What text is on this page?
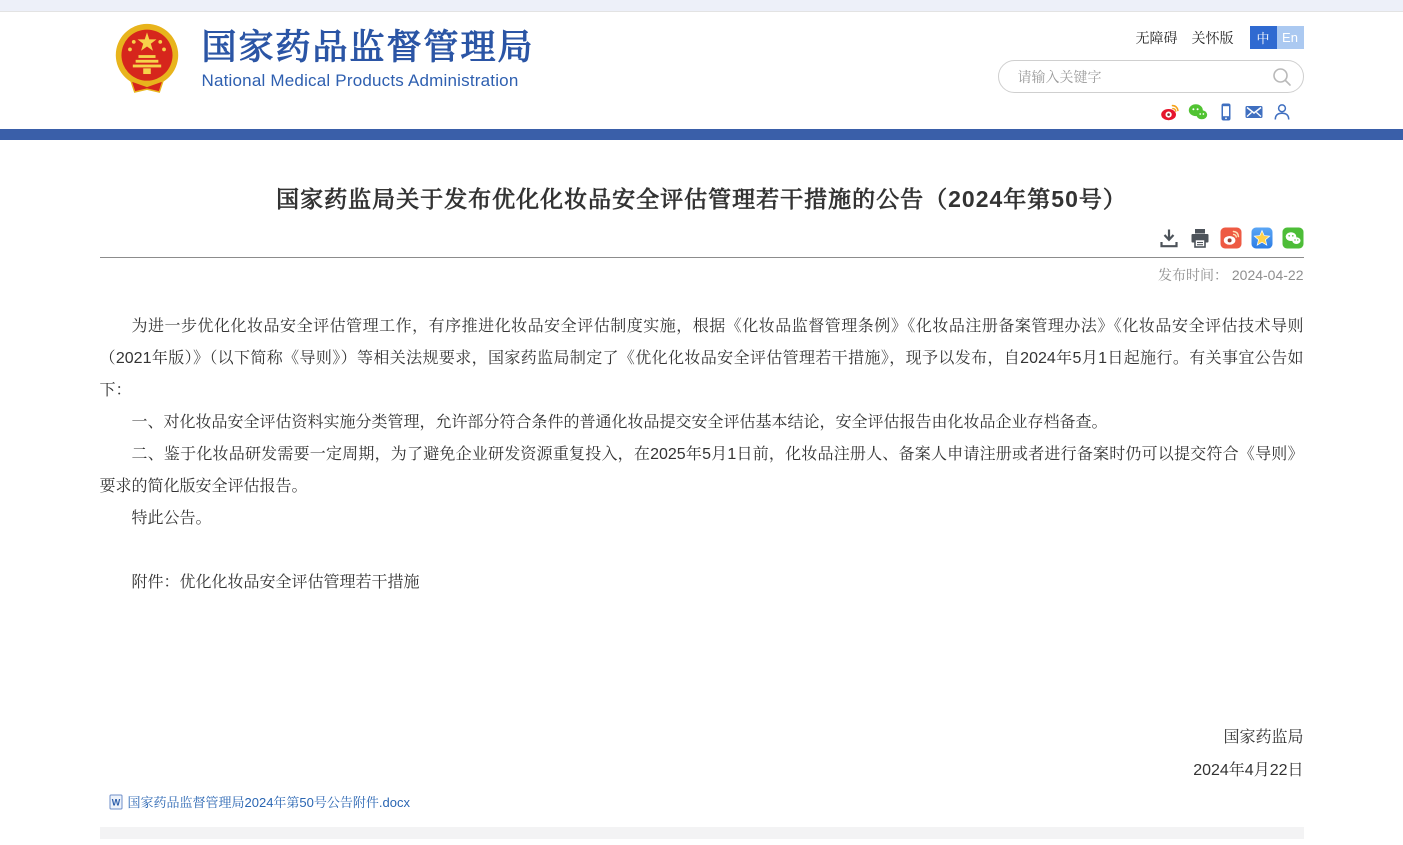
国家药品监督管理局
National Medical Products Administration
无障碍 关怀版	中 En
请输入关键字
国家药监局关于发布优化化妆品安全评估管理若干措施的公告（2024年第50号）
发布时间： 2024-04-22

为进一步优化化妆品安全评估管理工作，有序推进化妆品安全评估制度实施，根据《化妆品监督管理条例》《化妆品注册备案管理办法》《化妆品安全评估技术导则（2021年版）》（以下简称《导则》）等相关法规要求，国家药监局制定了《优化化妆品安全评估管理若干措施》，现予以发布，自2024年5月1日起施行。有关事宜公告如下：

一、对化妆品安全评估资料实施分类管理，允许部分符合条件的普通化妆品提交安全评估基本结论，安全评估报告由化妆品企业存档备查。

二、鉴于化妆品研发需要一定周期，为了避免企业研发资源重复投入，在2025年5月1日前，化妆品注册人、备案人申请注册或者进行备案时仍可以提交符合《导则》要求的简化版安全评估报告。

特此公告。

附件：优化化妆品安全评估管理若干措施

国家药监局
2024年4月22日
W 国家药品监督管理局2024年第50号公告附件.docx
